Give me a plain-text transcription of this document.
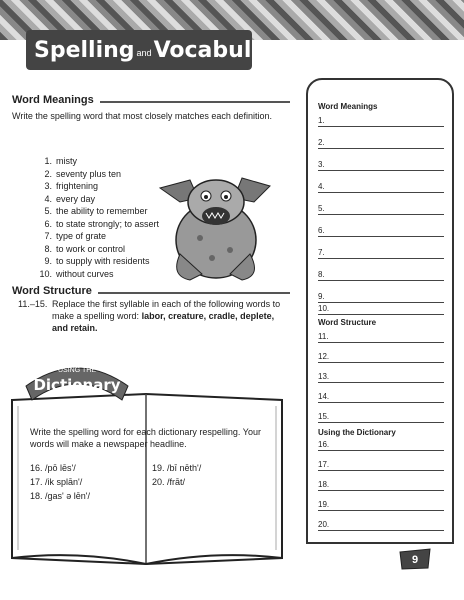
Spelling and Vocabulary
Word Meanings
Write the spelling word that most closely matches each definition.
1. misty
2. seventy plus ten
3. frightening
4. every day
5. the ability to remember
6. to state strongly; to assert
7. type of grate
8. to work or control
9. to supply with residents
10. without curves
Word Structure
11.–15. Replace the first syllable in each of the following words to make a spelling word: labor, creature, cradle, deplete, and retain.
USING THE
Dictionary
Write the spelling word for each dictionary respelling. Your words will make a newspaper headline.
16. /pō lēs'/	19. /bī nēth'/
17. /ik splān'/	20. /frāt/
18. /gas' ə lēn'/
Word Meanings
Word Structure
Using the Dictionary
1.
2.
3.
4.
5.
6.
7.
8.
9.
10.
11.
12.
13.
14.
15.
16.
17.
18.
19.
20.
9
